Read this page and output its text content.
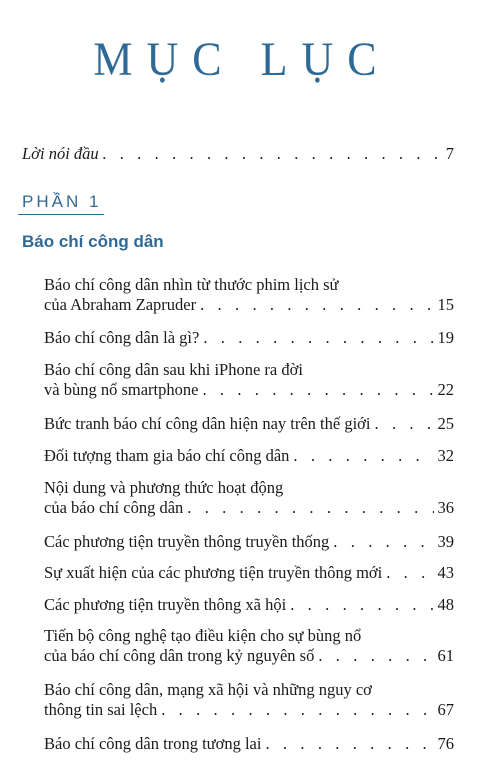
MỤC LỤC
Lời nói đầu . . .	7
PHẦN 1
Báo chí công dân
Báo chí công dân nhìn từ thước phim lịch sử
của Abraham Zapruder . . .	15
Báo chí công dân là gì? . . .	19
Báo chí công dân sau khi iPhone ra đời
và bùng nổ smartphone . . .	22
Bức tranh báo chí công dân hiện nay trên thế giới . . .	25
Đối tượng tham gia báo chí công dân . . .	32
Nội dung và phương thức hoạt động
của báo chí công dân . . .	36
Các phương tiện truyền thông truyền thống . . .	39
Sự xuất hiện của các phương tiện truyền thông mới . . .	43
Các phương tiện truyền thông xã hội . . .	48
Tiến bộ công nghệ tạo điều kiện cho sự bùng nổ
của báo chí công dân trong kỷ nguyên số . . .	61
Báo chí công dân, mạng xã hội và những nguy cơ
thông tin sai lệch . . .	67
Báo chí công dân trong tương lai . . .	76
